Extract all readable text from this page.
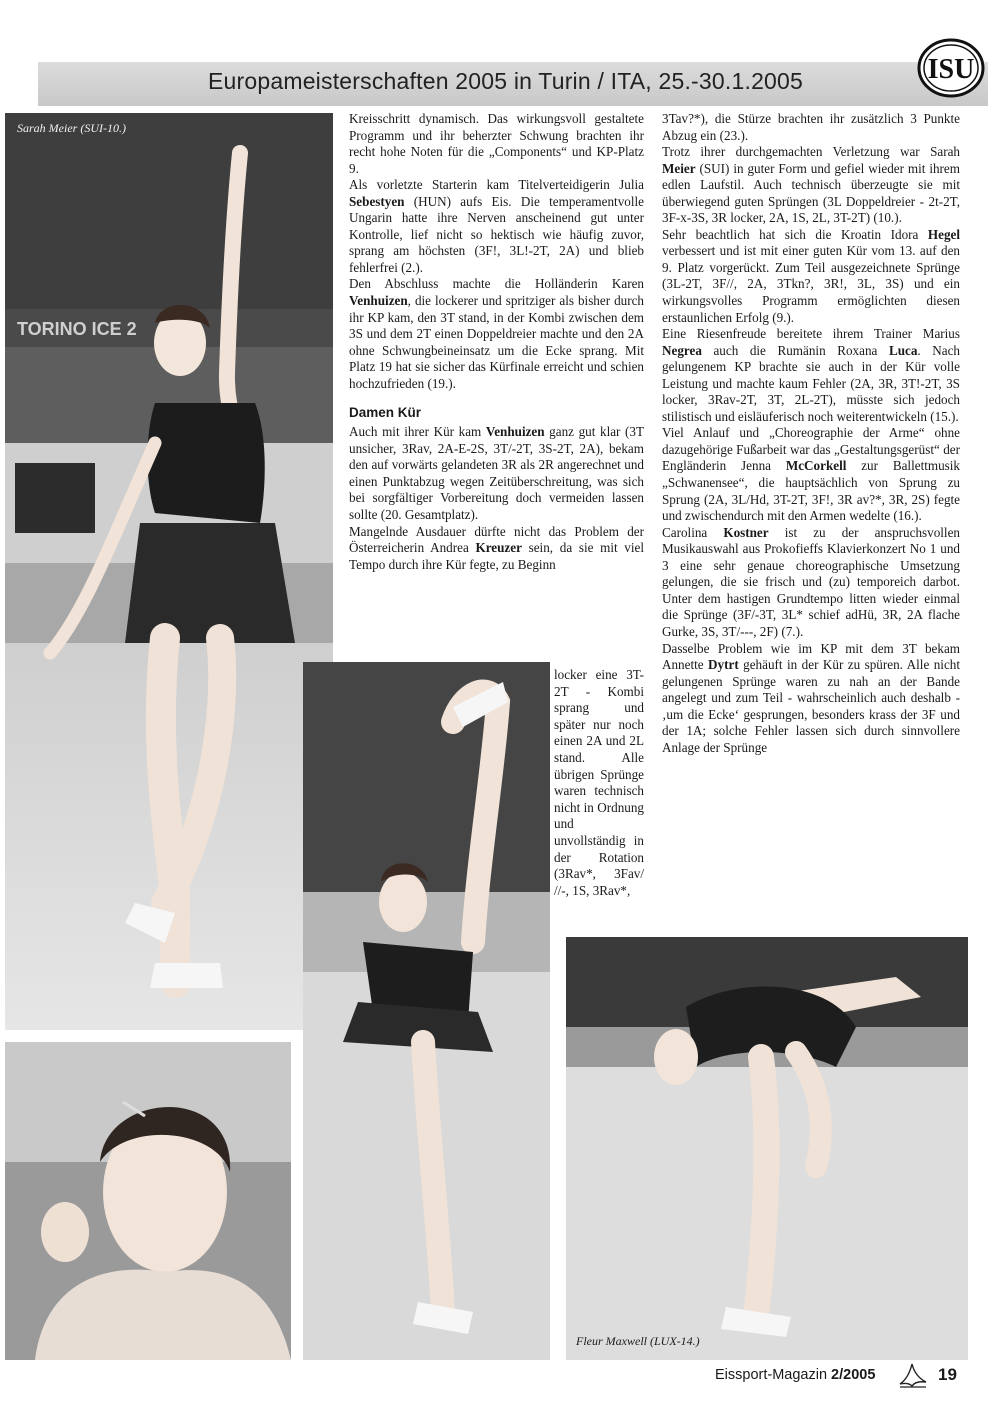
Europameisterschaften 2005 in Turin / ITA, 25.-30.1.2005	ISU
TORINO ICE 2
Sarah Meier (SUI-10.)
Fleur Maxwell (LUX-14.)

Kreisschritt dynamisch. Das wirkungsvoll gestaltete Programm und ihr beherzter Schwung brachten ihr recht hohe Noten für die „Components“ und KP-Platz 9.

Als vorletzte Starterin kam Titelverteidigerin Julia Sebestyen (HUN) aufs Eis. Die temperamentvolle Ungarin hatte ihre Nerven anscheinend gut unter Kontrolle, lief nicht so hektisch wie häufig zuvor, sprang am höchsten (3F!, 3L!-2T, 2A) und blieb fehlerfrei (2.).

Den Abschluss machte die Holländerin Karen Venhuizen, die lockerer und spritziger als bisher durch ihr KP kam, den 3T stand, in der Kombi zwischen dem 3S und dem 2T einen Doppeldreier machte und den 2A ohne Schwungbeineinsatz um die Ecke sprang. Mit Platz 19 hat sie sicher das Kürfinale erreicht und schien hochzufrieden (19.).

Damen Kür

Auch mit ihrer Kür kam Venhuizen ganz gut klar (3T unsicher, 3Rav, 2A-E-2S, 3T/-2T, 3S-2T, 2A), bekam den auf vorwärts gelandeten 3R als 2R angerechnet und einen Punktabzug wegen Zeitüberschreitung, was sich bei sorgfältiger Vorbereitung doch vermeiden lassen sollte (20. Gesamtplatz).

Mangelnde Ausdauer dürfte nicht das Problem der Österreicherin Andrea Kreuzer sein, da sie mit viel Tempo durch ihre Kür fegte, zu Beginn

locker eine 3T-2T - Kombi sprang und später nur noch einen 2A und 2L stand. Alle übrigen Sprünge waren technisch nicht in Ordnung und unvollständig in der Rotation (3Rav*, 3Fav/ //-, 1S, 3Rav*,

3Tav?*), die Stürze brachten ihr zusätzlich 3 Punkte Abzug ein (23.).

Trotz ihrer durchgemachten Verletzung war Sarah Meier (SUI) in guter Form und gefiel wieder mit ihrem edlen Laufstil. Auch technisch überzeugte sie mit überwiegend guten Sprüngen (3L Doppeldreier - 2t-2T, 3F-x-3S, 3R locker, 2A, 1S, 2L, 3T-2T) (10.).

Sehr beachtlich hat sich die Kroatin Idora Hegel verbessert und ist mit einer guten Kür vom 13. auf den 9. Platz vorgerückt. Zum Teil ausgezeichnete Sprünge (3L-2T, 3F//, 2A, 3Tkn?, 3R!, 3L, 3S) und ein wirkungsvolles Programm ermöglichten diesen erstaunlichen Erfolg (9.).

Eine Riesenfreude bereitete ihrem Trainer Marius Negrea auch die Rumänin Roxana Luca. Nach gelungenem KP brachte sie auch in der Kür volle Leistung und machte kaum Fehler (2A, 3R, 3T!-2T, 3S locker, 3Rav-2T, 3T, 2L-2T), müsste sich jedoch stilistisch und eisläuferisch noch weiterentwickeln (15.).

Viel Anlauf und „Choreographie der Arme“ ohne dazugehörige Fußarbeit war das „Gestaltungsgerüst“ der Engländerin Jenna McCorkell zur Ballettmusik „Schwanensee“, die hauptsächlich von Sprung zu Sprung (2A, 3L/Hd, 3T-2T, 3F!, 3R av?*, 3R, 2S) fegte und zwischendurch mit den Armen wedelte (16.).

Carolina Kostner ist zu der anspruchsvollen Musikauswahl aus Prokofieffs Klavierkonzert No 1 und 3 eine sehr genaue choreographische Umsetzung gelungen, die sie frisch und (zu) temporeich darbot. Unter dem hastigen Grundtempo litten wieder einmal die Sprünge (3F/-3T, 3L* schief adHü, 3R, 2A flache Gurke, 3S, 3T/---, 2F) (7.).

Dasselbe Problem wie im KP mit dem 3T bekam Annette Dytrt gehäuft in der Kür zu spüren. Alle nicht gelungenen Sprünge waren zu nah an der Bande angelegt und zum Teil - wahrscheinlich auch deshalb - ‚um die Ecke‘ gesprungen, besonders krass der 3F und der 1A; solche Fehler lassen sich durch sinnvollere Anlage der Sprünge

Eissport-Magazin 2/2005	19
